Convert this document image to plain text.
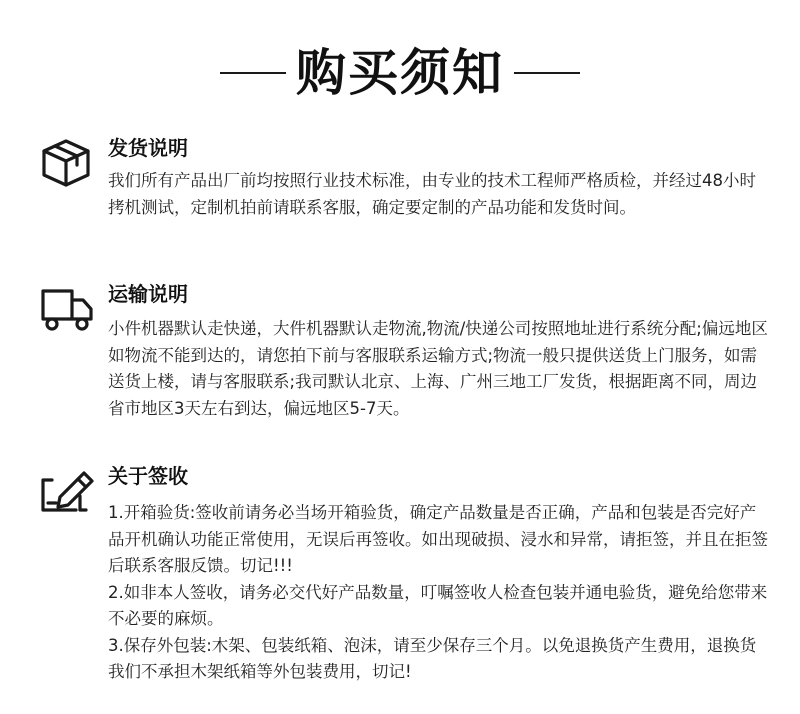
购买须知
发货说明

我们所有产品出厂前均按照行业技术标准，由专业的技术工程师严格质检，并经过48小时拷机测试，定制机拍前请联系客服，确定要定制的产品功能和发货时间。

运输说明

小件机器默认走快递，大件机器默认走物流,物流/快递公司按照地址进行系统分配;偏远地区如物流不能到达的，请您拍下前与客服联系运输方式;物流一般只提供送货上门服务，如需送货上楼，请与客服联系;我司默认北京、上海、广州三地工厂发货，根据距离不同，周边省市地区3天左右到达，偏远地区5-7天。

关于签收

1.开箱验货:签收前请务必当场开箱验货，确定产品数量是否正确，产品和包装是否完好产品开机确认功能正常使用，无误后再签收。如出现破损、浸水和异常，请拒签，并且在拒签后联系客服反馈。切记!!!

2.如非本人签收，请务必交代好产品数量，叮嘱签收人检查包装并通电验货，避免给您带来不必要的麻烦。

3.保存外包装:木架、包装纸箱、泡沫，请至少保存三个月。以免退换货产生费用，退换货我们不承担木架纸箱等外包装费用，切记!
